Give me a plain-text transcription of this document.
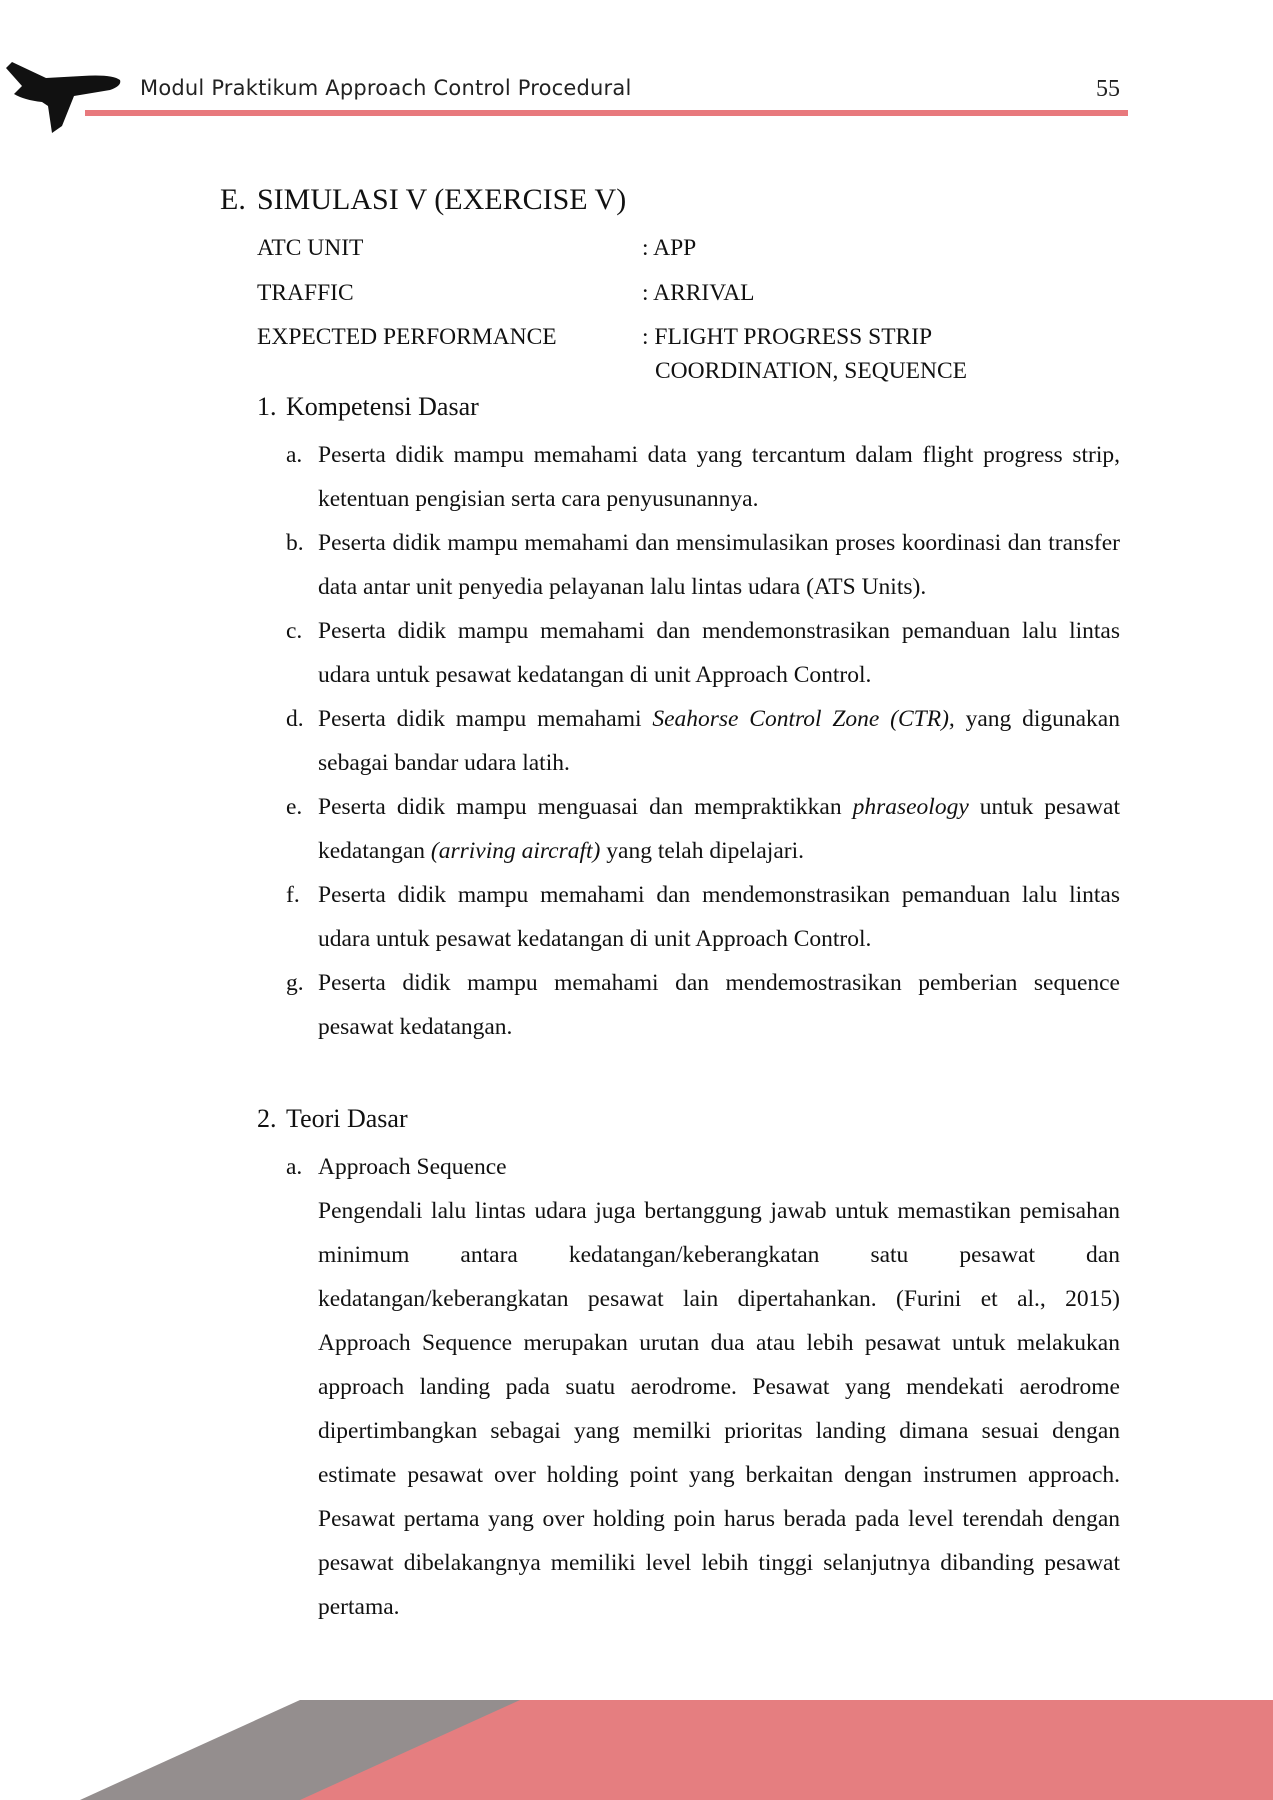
Modul Praktikum Approach Control Procedural	55
E. SIMULASI V (EXERCISE V)
ATC UNIT	: APP
TRAFFIC	: ARRIVAL
EXPECTED PERFORMANCE	: FLIGHT PROGRESS STRIP
COORDINATION, SEQUENCE
1. Kompetensi Dasar
a. Peserta didik mampu memahami data yang tercantum dalam flight progress strip, ketentuan pengisian serta cara penyusunannya.
b. Peserta didik mampu memahami dan mensimulasikan proses koordinasi dan transfer data antar unit penyedia pelayanan lalu lintas udara (ATS Units).
c. Peserta didik mampu memahami dan mendemonstrasikan pemanduan lalu lintas udara untuk pesawat kedatangan di unit Approach Control.
d. Peserta didik mampu memahami Seahorse Control Zone (CTR), yang digunakan sebagai bandar udara latih.
e. Peserta didik mampu menguasai dan mempraktikkan phraseology untuk pesawat kedatangan (arriving aircraft) yang telah dipelajari.
f. Peserta didik mampu memahami dan mendemonstrasikan pemanduan lalu lintas udara untuk pesawat kedatangan di unit Approach Control.
g. Peserta didik mampu memahami dan mendemostrasikan pemberian sequence pesawat kedatangan.
2. Teori Dasar
a. Approach Sequence
Pengendali lalu lintas udara juga bertanggung jawab untuk memastikan pemisahan minimum antara kedatangan/keberangkatan satu pesawat dan kedatangan/keberangkatan pesawat lain dipertahankan. (Furini et al., 2015) Approach Sequence merupakan urutan dua atau lebih pesawat untuk melakukan approach landing pada suatu aerodrome. Pesawat yang mendekati aerodrome dipertimbangkan sebagai yang memilki prioritas landing dimana sesuai dengan estimate pesawat over holding point yang berkaitan dengan instrumen approach. Pesawat pertama yang over holding poin harus berada pada level terendah dengan pesawat dibelakangnya memiliki level lebih tinggi selanjutnya dibanding pesawat pertama.
